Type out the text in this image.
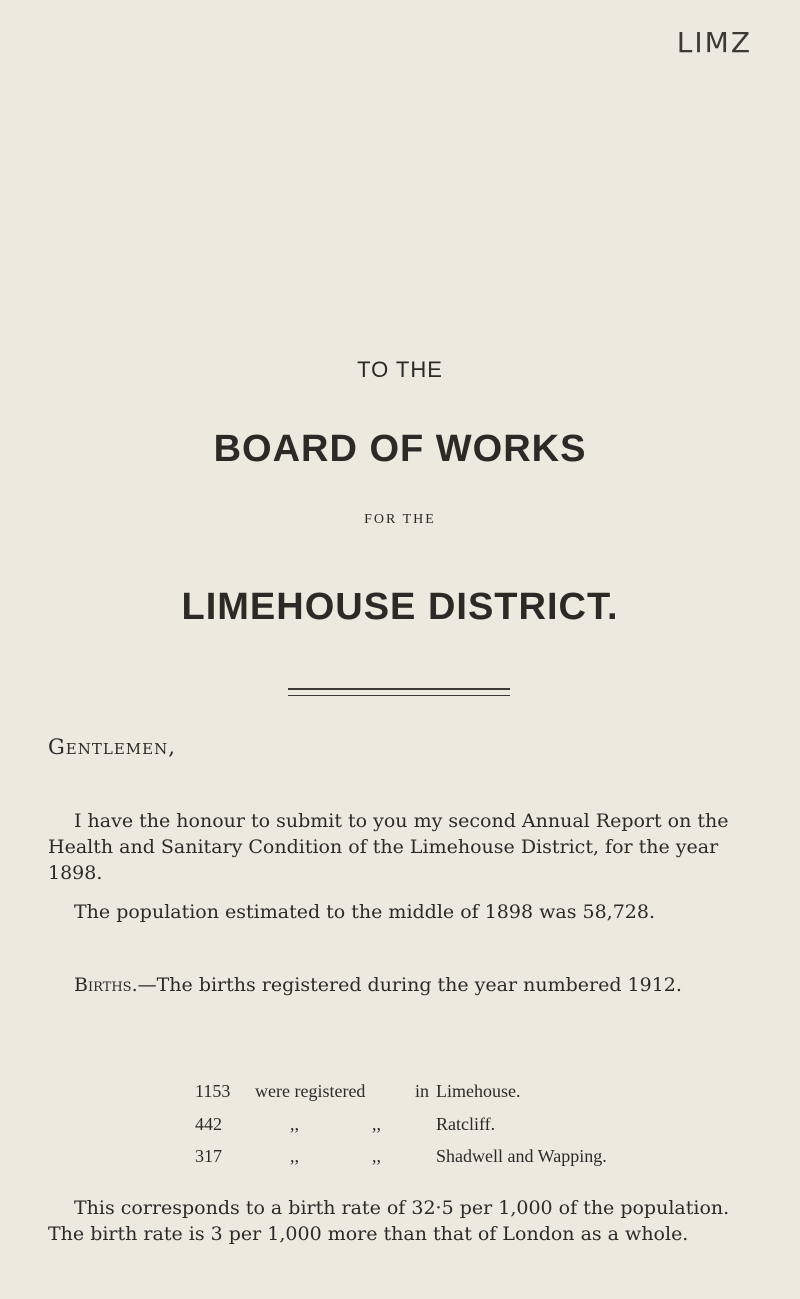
LIMZ
TO THE
BOARD OF WORKS
FOR THE
LIMEHOUSE DISTRICT.
Gentlemen,
I have the honour to submit to you my second Annual Report on the Health and Sanitary Condition of the Limehouse District, for the year 1898.
The population estimated to the middle of 1898 was 58,728.
Births.—The births registered during the year numbered 1912.
1153 were registered	in Limehouse.
442	,,	,,	Ratcliff.
317	,,	,,	Shadwell and Wapping.
This corresponds to a birth rate of 32·5 per 1,000 of the population. The birth rate is 3 per 1,000 more than that of London as a whole.
